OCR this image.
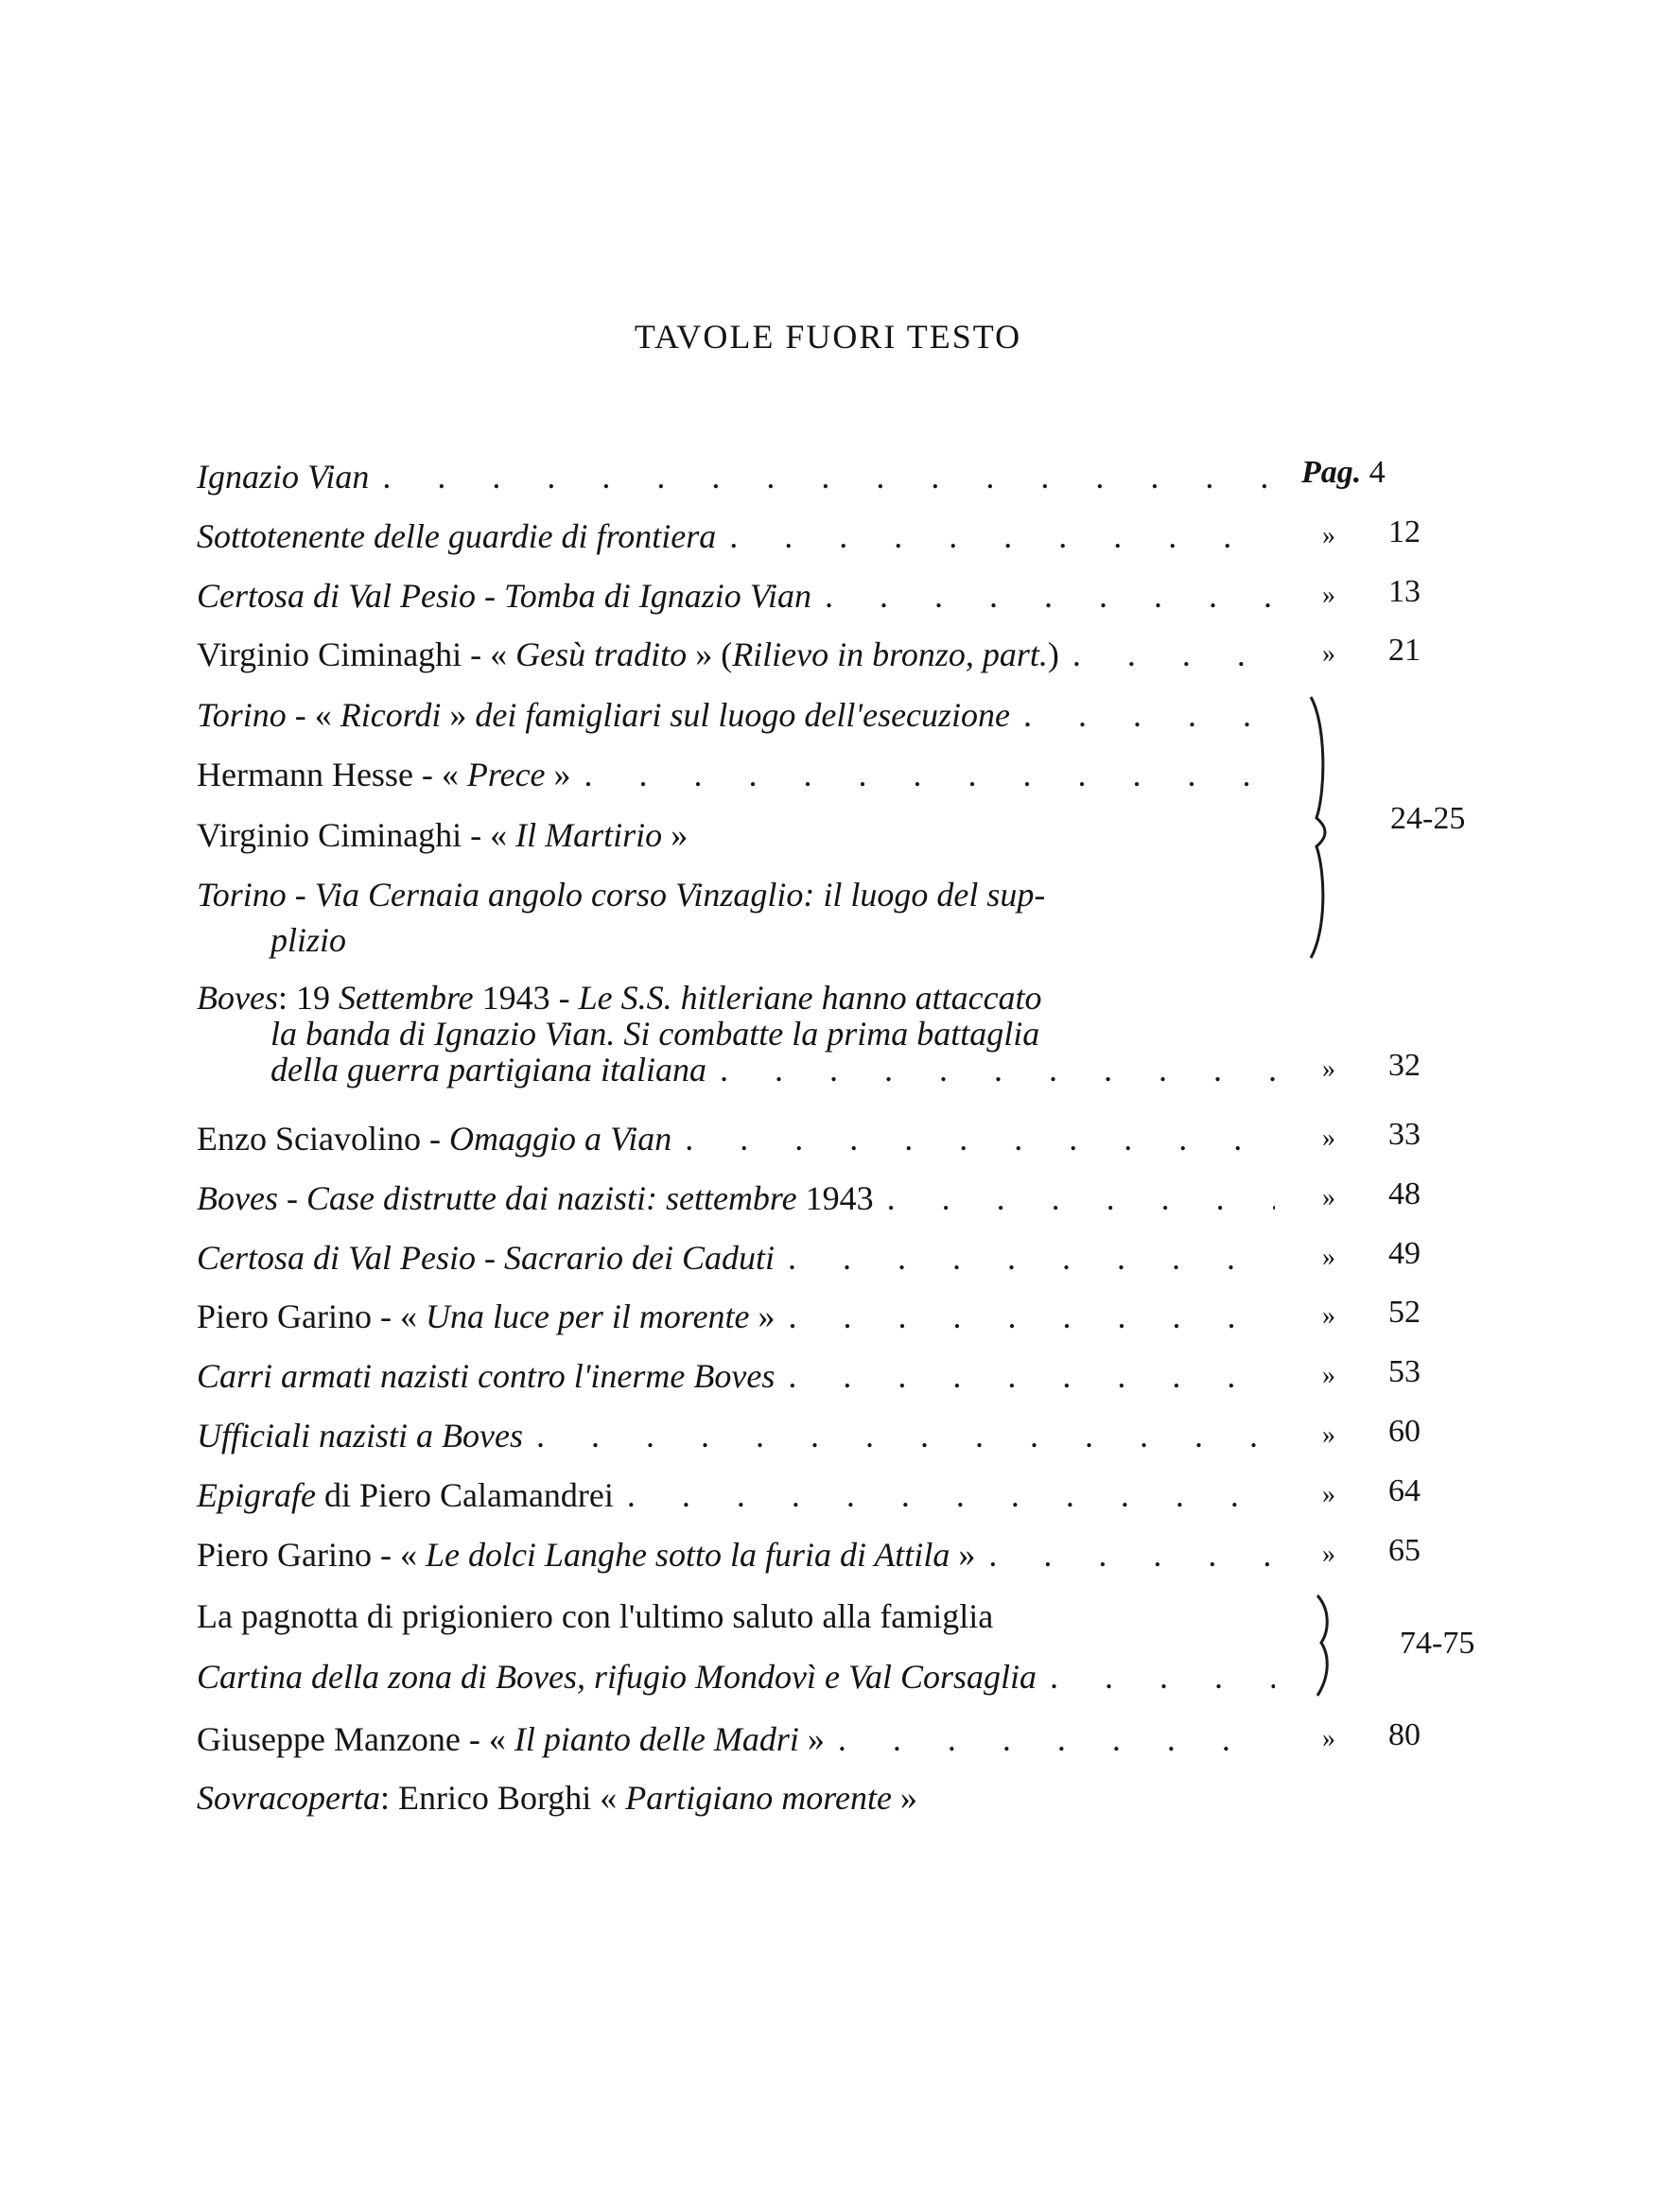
TAVOLE FUORI TESTO
Ignazio Vian
. . .
Sottotenente delle guardie di frontiera
. . .
Certosa di Val Pesio - Tomba di Ignazio Vian
. . .
Virginio Ciminaghi - « Gesù tradito » (Rilievo in bronzo, part.)
. . .
Torino - « Ricordi » dei famigliari sul luogo dell'esecuzione
. . .
Hermann Hesse - « Prece »
. . .
Virginio Ciminaghi - « Il Martirio »
Torino - Via Cernaia angolo corso Vinzaglio: il luogo del sup-
plizio
Boves: 19 Settembre 1943 - Le S.S. hitleriane hanno attaccato
la banda di Ignazio Vian. Si combatte la prima battaglia
della guerra partigiana italiana
. . .
Enzo Sciavolino - Omaggio a Vian
. . .
Boves - Case distrutte dai nazisti: settembre 1943
. . .
Certosa di Val Pesio - Sacrario dei Caduti
. . .
Piero Garino - « Una luce per il morente »
. . .
Carri armati nazisti contro l'inerme Boves
. . .
Ufficiali nazisti a Boves
. . .
Epigrafe di Piero Calamandrei
. . .
Piero Garino - « Le dolci Langhe sotto la furia di Attila »
. . .
La pagnotta di prigioniero con l'ultimo saluto alla famiglia
Cartina della zona di Boves, rifugio Mondovì e Val Corsaglia
. . .
Giuseppe Manzone - « Il pianto delle Madri »
. . .
Sovracoperta: Enrico Borghi « Partigiano morente »
Pag. 4
24-25
74-75
» 12
» 13
» 21
» 32
» 33
» 48
» 49
» 52
» 53
» 60
» 64
» 65
» 80
